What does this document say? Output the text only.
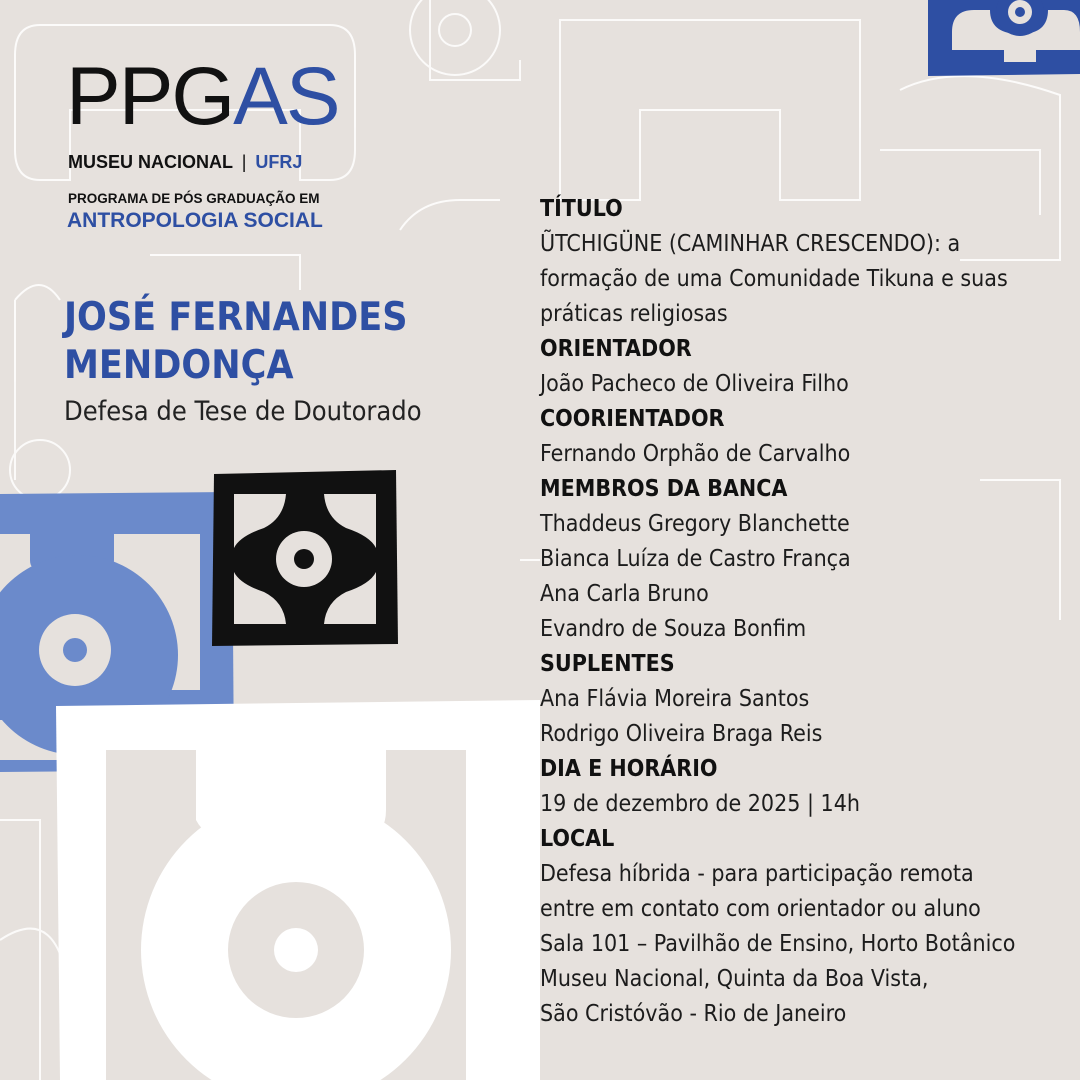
PPGAS
MUSEU NACIONAL | UFRJ
PROGRAMA DE PÓS GRADUAÇÃO EM
ANTROPOLOGIA SOCIAL
JOSÉ FERNANDES
MENDONÇA
Defesa de Tese de Doutorado
TÍTULO
ŨTCHIGÜNE (CAMINHAR CRESCENDO): a
formação de uma Comunidade Tikuna e suas
práticas religiosas
ORIENTADOR
João Pacheco de Oliveira Filho
COORIENTADOR
Fernando Orphão de Carvalho
MEMBROS DA BANCA
Thaddeus Gregory Blanchette
Bianca Luíza de Castro França
Ana Carla Bruno
Evandro de Souza Bonfim
SUPLENTES
Ana Flávia Moreira Santos
Rodrigo Oliveira Braga Reis
DIA E HORÁRIO
19 de dezembro de 2025 | 14h
LOCAL
Defesa híbrida - para participação remota
entre em contato com orientador ou aluno
Sala 101 – Pavilhão de Ensino, Horto Botânico
Museu Nacional, Quinta da Boa Vista,
São Cristóvão - Rio de Janeiro
